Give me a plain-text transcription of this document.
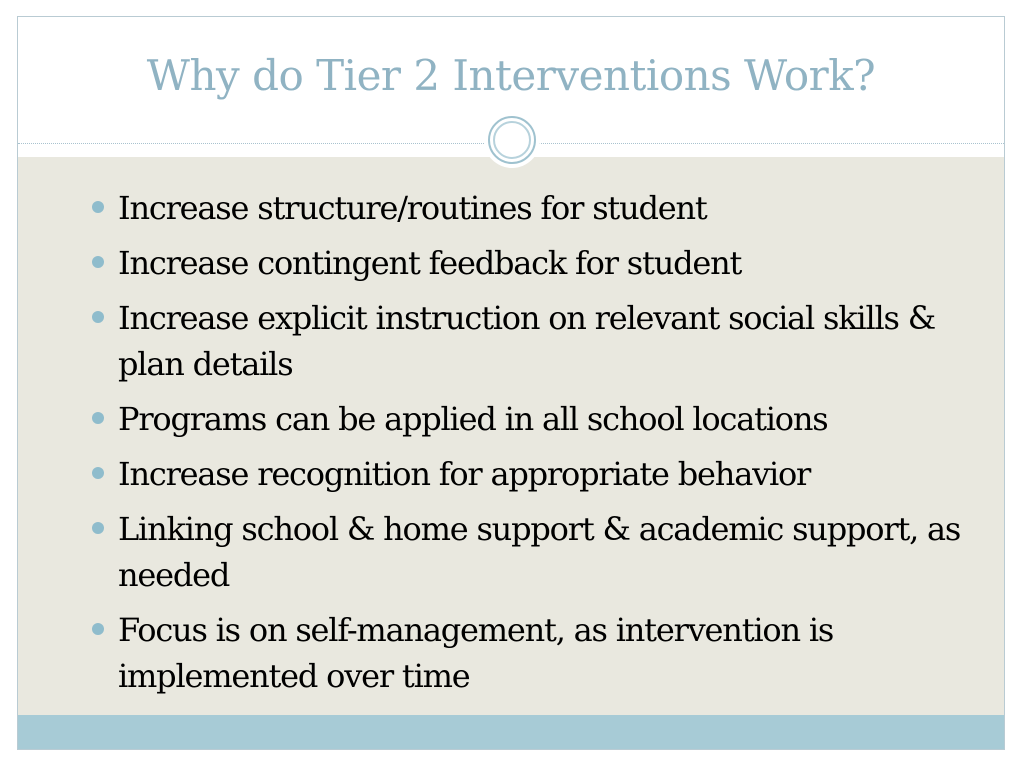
Why do Tier 2 Interventions Work?
Increase structure/routines for student
Increase contingent feedback for student
Increase explicit instruction on relevant social skills & plan details
Programs can be applied in all school locations
Increase recognition for appropriate behavior
Linking school & home support & academic support, as needed
Focus is on self-management, as intervention is implemented over time
